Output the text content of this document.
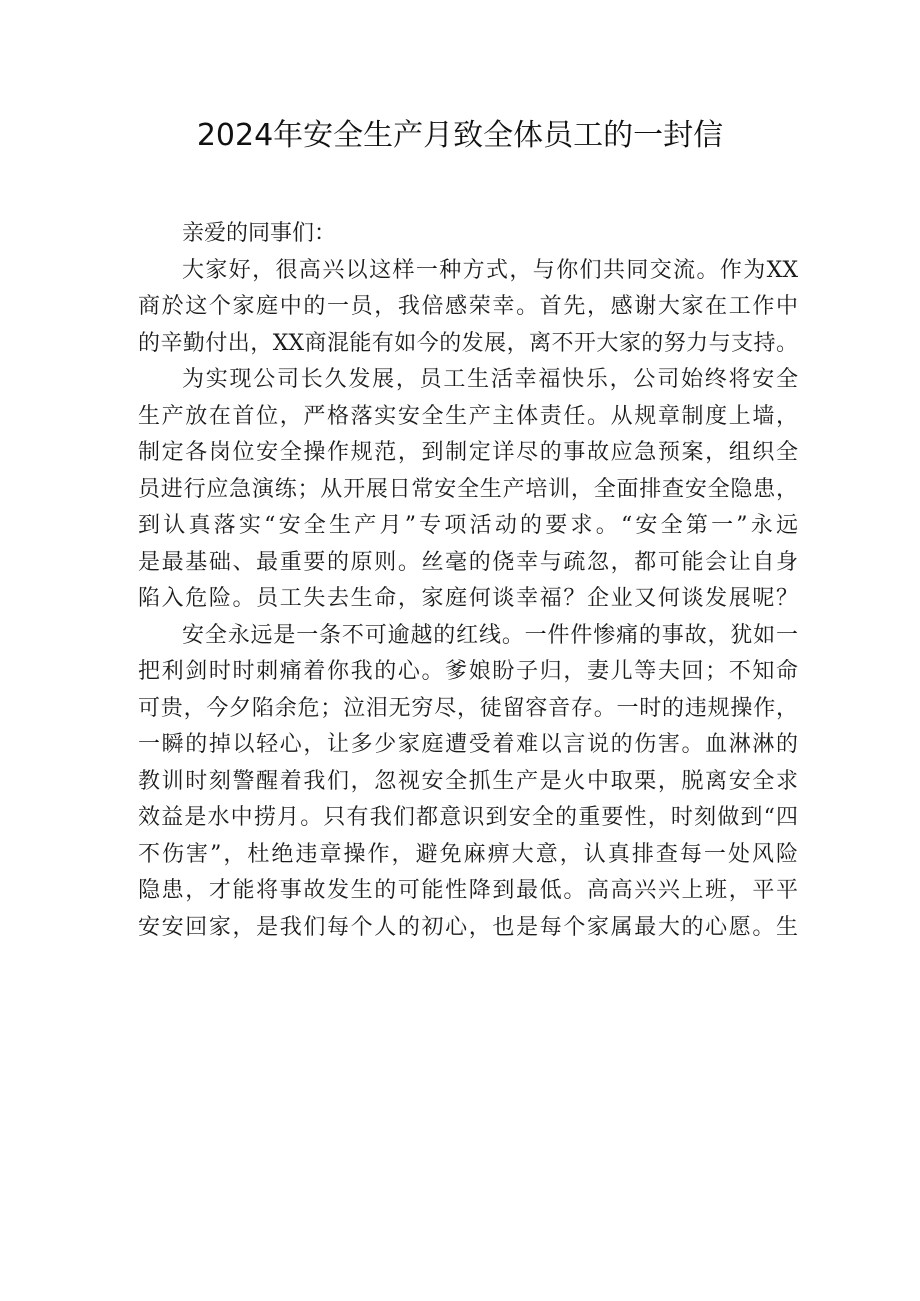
2024年安全生产月致全体员工的一封信
亲爱的同事们：
大家好，很高兴以这样一种方式，与你们共同交流。作为XX
商於这个家庭中的一员，我倍感荣幸。首先，感谢大家在工作中
的辛勤付出，XX商混能有如今的发展，离不开大家的努力与支持。
为实现公司长久发展，员工生活幸福快乐，公司始终将安全
生产放在首位，严格落实安全生产主体责任。从规章制度上墙，
制定各岗位安全操作规范，到制定详尽的事故应急预案，组织全
员进行应急演练；从开展日常安全生产培训，全面排查安全隐患，
到认真落实“安全生产月”专项活动的要求。“安全第一”永远
是最基础、最重要的原则。丝毫的侥幸与疏忽，都可能会让自身
陷入危险。员工失去生命，家庭何谈幸福？企业又何谈发展呢？
安全永远是一条不可逾越的红线。一件件惨痛的事故，犹如一
把利剑时时刺痛着你我的心。爹娘盼子归，妻儿等夫回；不知命
可贵，今夕陷余危；泣泪无穷尽，徒留容音存。一时的违规操作，
一瞬的掉以轻心，让多少家庭遭受着难以言说的伤害。血淋淋的
教训时刻警醒着我们，忽视安全抓生产是火中取栗，脱离安全求
效益是水中捞月。只有我们都意识到安全的重要性，时刻做到“四
不伤害”，杜绝违章操作，避免麻痹大意，认真排查每一处风险
隐患，才能将事故发生的可能性降到最低。高高兴兴上班，平平
安安回家，是我们每个人的初心，也是每个家属最大的心愿。生
